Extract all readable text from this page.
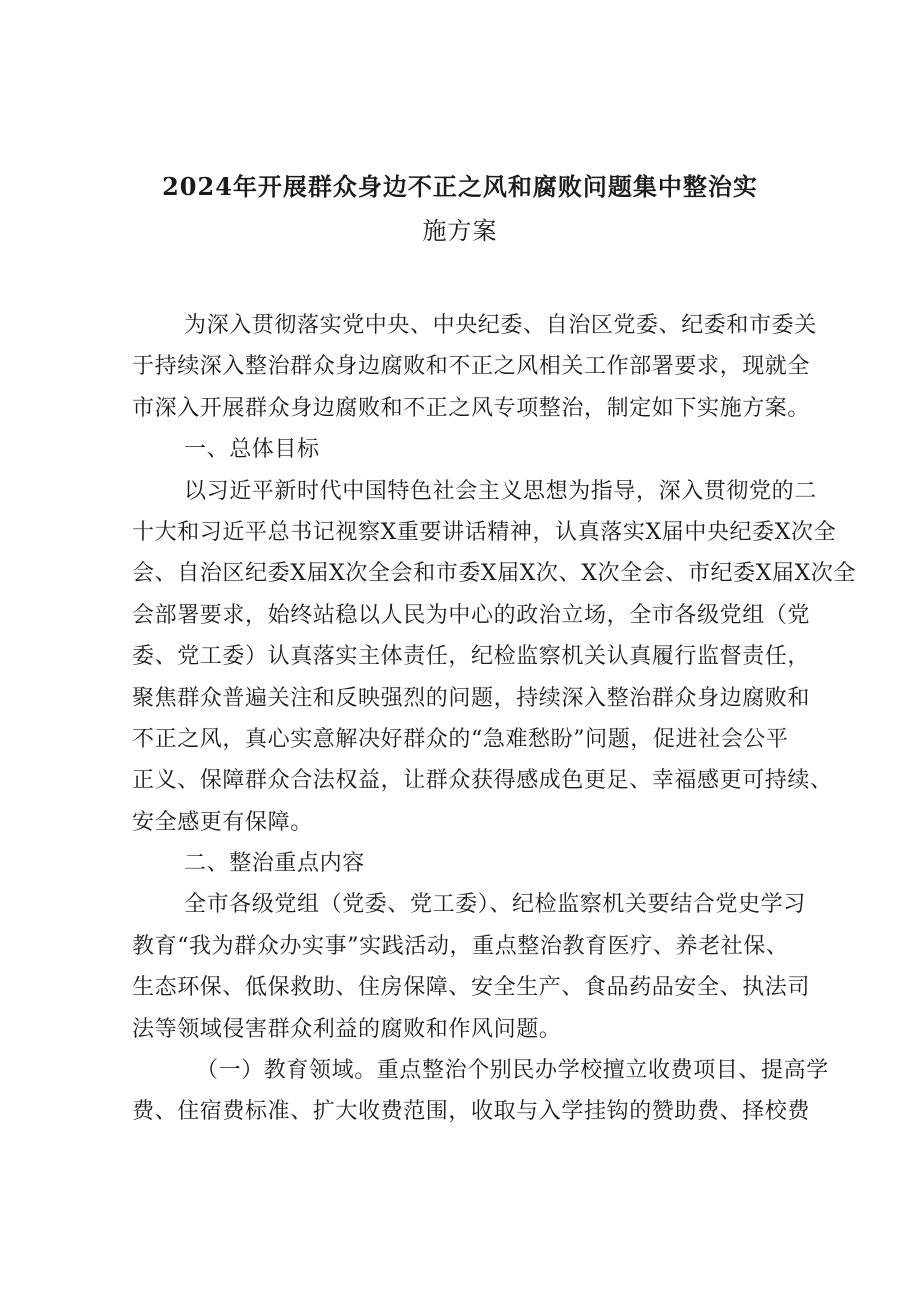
2024年开展群众身边不正之风和腐败问题集中整治实
施方案
为深入贯彻落实党中央、中央纪委、自治区党委、纪委和市委关
于持续深入整治群众身边腐败和不正之风相关工作部署要求，现就全
市深入开展群众身边腐败和不正之风专项整治，制定如下实施方案。
一、总体目标
以习近平新时代中国特色社会主义思想为指导，深入贯彻党的二
十大和习近平总书记视察X重要讲话精神，认真落实X届中央纪委X次全
会、自治区纪委X届X次全会和市委X届X次、X次全会、市纪委X届X次全
会部署要求，始终站稳以人民为中心的政治立场，全市各级党组（党
委、党工委）认真落实主体责任，纪检监察机关认真履行监督责任，
聚焦群众普遍关注和反映强烈的问题，持续深入整治群众身边腐败和
不正之风，真心实意解决好群众的“急难愁盼”问题，促进社会公平
正义、保障群众合法权益，让群众获得感成色更足、幸福感更可持续、
安全感更有保障。
二、整治重点内容
全市各级党组（党委、党工委）、纪检监察机关要结合党史学习
教育“我为群众办实事”实践活动，重点整治教育医疗、养老社保、
生态环保、低保救助、住房保障、安全生产、食品药品安全、执法司
法等领域侵害群众利益的腐败和作风问题。
（一）教育领域。重点整治个别民办学校擅立收费项目、提高学
费、住宿费标准、扩大收费范围，收取与入学挂钩的赞助费、择校费
